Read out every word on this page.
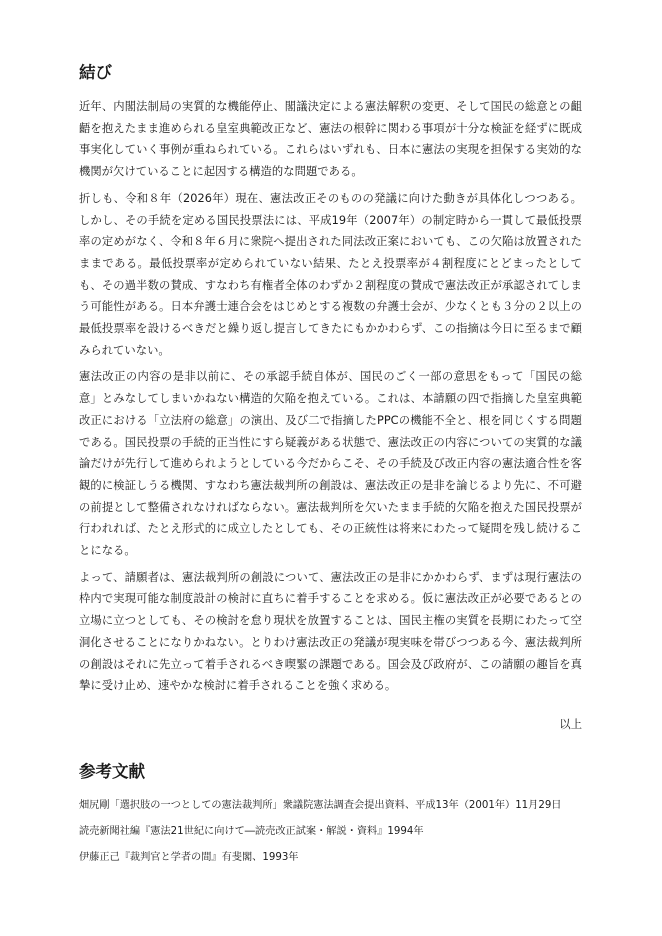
結び

近年、内閣法制局の実質的な機能停止、閣議決定による憲法解釈の変更、そして国民の総意との齟齬を抱えたまま進められる皇室典範改正など、憲法の根幹に関わる事項が十分な検証を経ずに既成事実化していく事例が重ねられている。これらはいずれも、日本に憲法の実現を担保する実効的な機関が欠けていることに起因する構造的な問題である。

折しも、令和８年（2026年）現在、憲法改正そのものの発議に向けた動きが具体化しつつある。しかし、その手続を定める国民投票法には、平成19年（2007年）の制定時から一貫して最低投票率の定めがなく、令和８年６月に衆院へ提出された同法改正案においても、この欠陥は放置されたままである。最低投票率が定められていない結果、たとえ投票率が４割程度にとどまったとしても、その過半数の賛成、すなわち有権者全体のわずか２割程度の賛成で憲法改正が承認されてしまう可能性がある。日本弁護士連合会をはじめとする複数の弁護士会が、少なくとも３分の２以上の最低投票率を設けるべきだと繰り返し提言してきたにもかかわらず、この指摘は今日に至るまで顧みられていない。

憲法改正の内容の是非以前に、その承認手続自体が、国民のごく一部の意思をもって「国民の総意」とみなしてしまいかねない構造的欠陥を抱えている。これは、本請願の四で指摘した皇室典範改正における「立法府の総意」の演出、及び二で指摘したPPCの機能不全と、根を同じくする問題である。国民投票の手続的正当性にすら疑義がある状態で、憲法改正の内容についての実質的な議論だけが先行して進められようとしている今だからこそ、その手続及び改正内容の憲法適合性を客観的に検証しうる機関、すなわち憲法裁判所の創設は、憲法改正の是非を論じるより先に、不可避の前提として整備されなければならない。憲法裁判所を欠いたまま手続的欠陥を抱えた国民投票が行われれば、たとえ形式的に成立したとしても、その正統性は将来にわたって疑問を残し続けることになる。

よって、請願者は、憲法裁判所の創設について、憲法改正の是非にかかわらず、まずは現行憲法の枠内で実現可能な制度設計の検討に直ちに着手することを求める。仮に憲法改正が必要であるとの立場に立つとしても、その検討を怠り現状を放置することは、国民主権の実質を長期にわたって空洞化させることになりかねない。とりわけ憲法改正の発議が現実味を帯びつつある今、憲法裁判所の創設はそれに先立って着手されるべき喫緊の課題である。国会及び政府が、この請願の趣旨を真摯に受け止め、速やかな検討に着手されることを強く求める。

以上
参考文献
畑尻剛「選択肢の一つとしての憲法裁判所」衆議院憲法調査会提出資料、平成13年（2001年）11月29日
読売新聞社編『憲法21世紀に向けて―読売改正試案・解説・資料』1994年
伊藤正己『裁判官と学者の間』有斐閣、1993年
